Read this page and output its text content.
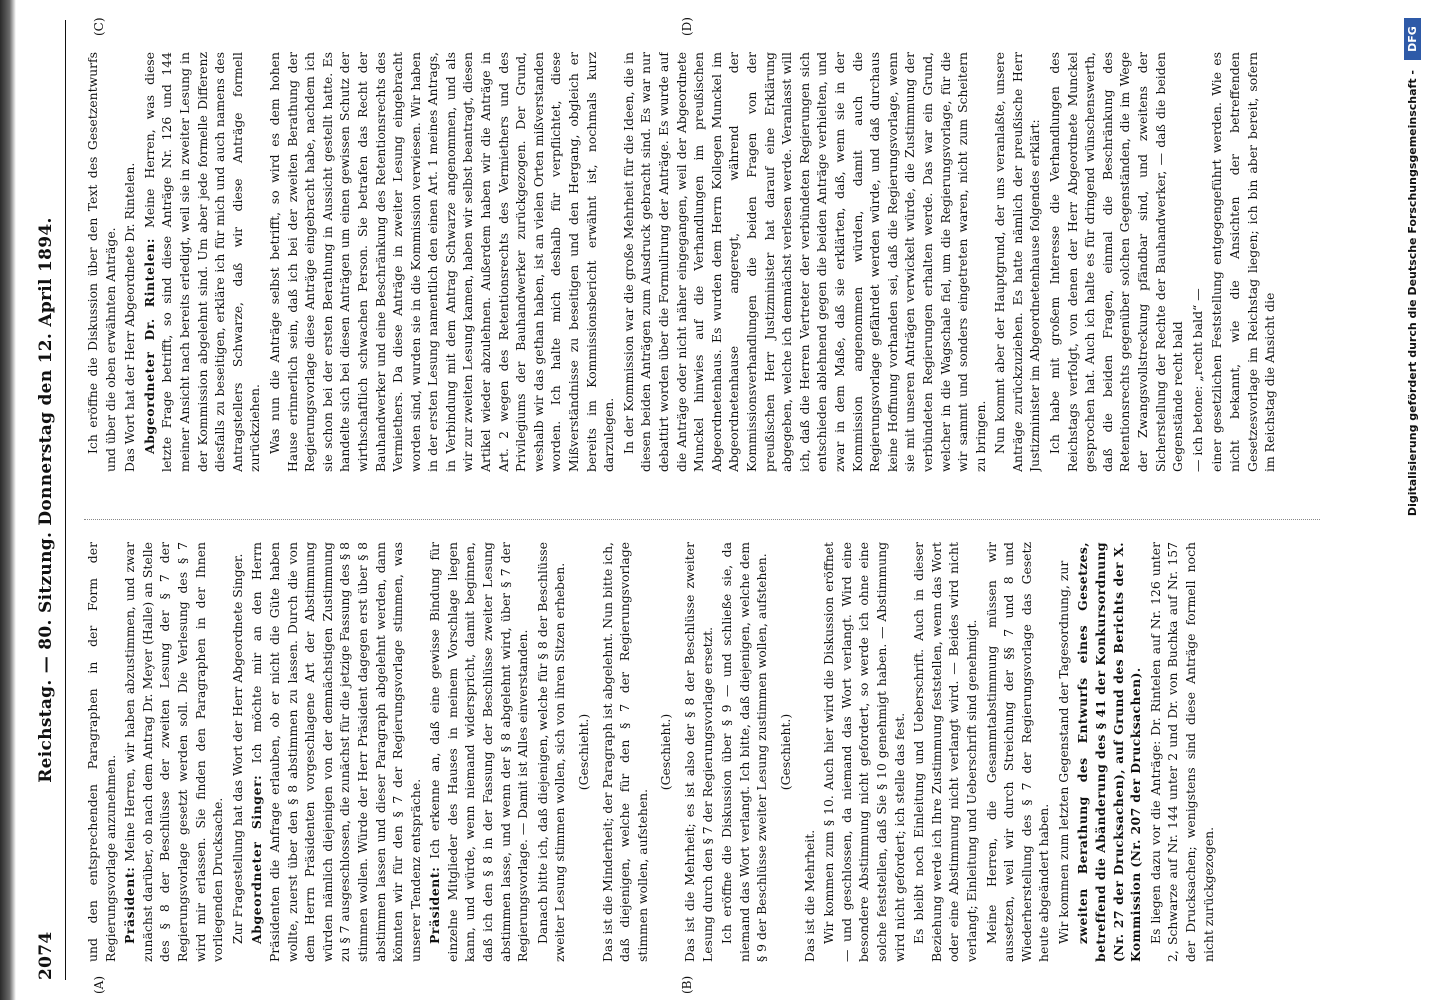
2074
Reichstag. — 80. Sitzung. Donnerstag den 12. April 1894.
(A)	(B)
(C)	(D)

und den entsprechenden Paragraphen in der Form der Regierungsvorlage anzunehmen. Präsident: Meine Herren, wir haben abzustimmen, und zwar zunächst darüber, ob nach dem Antrag Dr. Meyer (Halle) an Stelle des § 8 der Beschlüsse der zweiten Lesung der § 7 der Regierungsvorlage gesetzt werden soll. Die Verlesung des § 7 wird mir erlassen. Sie finden den Paragraphen in der Ihnen vorliegenden Drucksache. Zur Fragestellung hat das Wort der Herr Abgeordnete Singer. Abgeordneter Singer: Ich möchte mir an den Herrn Präsidenten die Anfrage erlauben, ob er nicht die Güte haben wollte, zuerst über den § 8 abstimmen zu lassen. Durch die von dem Herrn Präsidenten vorgeschlagene Art der Abstimmung würden nämlich diejenigen von der demnächstigen Zustimmung zu § 7 ausgeschlossen, die zunächst für die jetzige Fassung des § 8 stimmen wollen. Würde der Herr Präsident dagegen erst über § 8 abstimmen lassen und dieser Paragraph abgelehnt werden, dann könnten wir für den § 7 der Regierungsvorlage stimmen, was unserer Tendenz entspräche. Präsident: Ich erkenne an, daß eine gewisse Bindung für einzelne Mitglieder des Hauses in meinem Vorschlage liegen kann, und würde, wenn niemand widerspricht, damit beginnen, daß ich den § 8 in der Fassung der Beschlüsse zweiter Lesung abstimmen lasse, und wenn der § 8 abgelehnt wird, über § 7 der Regierungsvorlage. — Damit ist Alles einverstanden. Danach bitte ich, daß diejenigen, welche für § 8 der Beschlüsse zweiter Lesung stimmen wollen, sich von ihren Sitzen erheben. (Geschieht.) Das ist die Minderheit; der Paragraph ist abgelehnt. Nun bitte ich, daß diejenigen, welche für den § 7 der Regierungsvorlage stimmen wollen, aufstehen.

(Geschieht.) Das ist die Mehrheit; es ist also der § 8 der Beschlüsse zweiter Lesung durch den § 7 der Regierungsvorlage ersetzt. Ich eröffne die Diskussion über § 9 — und schließe sie, da niemand das Wort verlangt. Ich bitte, daß diejenigen, welche dem § 9 der Beschlüsse zweiter Lesung zustimmen wollen, aufstehen. (Geschieht.)

Das ist die Mehrheit. Wir kommen zum § 10. Auch hier wird die Diskussion eröffnet — und geschlossen, da niemand das Wort verlangt. Wird eine besondere Abstimmung nicht gefordert, so werde ich ohne eine solche feststellen, daß Sie § 10 genehmigt haben. — Abstimmung wird nicht gefordert; ich stelle das fest. Es bleibt noch Einleitung und Ueberschrift. Auch in dieser Beziehung werde ich Ihre Zustimmung feststellen, wenn das Wort oder eine Abstimmung nicht verlangt wird. — Beides wird nicht verlangt; Einleitung und Ueberschrift sind genehmigt. Meine Herren, die Gesammtabstimmung müssen wir aussetzen, weil wir durch Streichung der §§ 7 und 8 und Wiederherstellung des § 7 der Regierungsvorlage das Gesetz heute abgeändert haben. Wir kommen zum letzten Gegenstand der Tagesordnung, zur zweiten Berathung des Entwurfs eines Gesetzes, betreffend die Abänderung des § 41 der Konkursordnung (Nr. 27 der Drucksachen), auf Grund des Berichts der X. Kommission (Nr. 207 der Drucksachen). Es liegen dazu vor die Anträge: Dr. Rintelen auf Nr. 126 unter 2, Schwarze auf Nr. 144 unter 2 und Dr. von Buchka auf Nr. 157 der Drucksachen; wenigstens sind diese Anträge formell noch nicht zurückgezogen.

Ich eröffne die Diskussion über den Text des Gesetzentwurfs und über die oben erwähnten Anträge. Das Wort hat der Herr Abgeordnete Dr. Rintelen. Abgeordneter Dr. Rintelen: Meine Herren, was diese letzte Frage betrifft, so sind diese Anträge Nr. 126 und 144 meiner Ansicht nach bereits erledigt, weil sie in zweiter Lesung in der Kommission abgelehnt sind. Um aber jede formelle Differenz diesfalls zu beseitigen, erkläre ich für mich und auch namens des Antragstellers Schwarze, daß wir diese Anträge formell zurückziehen. Was nun die Anträge selbst betrifft, so wird es dem hohen Hause erinnerlich sein, daß ich bei der zweiten Berathung der Regierungsvorlage diese Anträge eingebracht habe, nachdem ich sie schon bei der ersten Berathung in Aussicht gestellt hatte. Es handelte sich bei diesen Anträgen um einen gewissen Schutz der wirthschaftlich schwachen Person. Sie betrafen das Recht der Bauhandwerker und eine Beschränkung des Retentionsrechts des Vermiethers. Da diese Anträge in zweiter Lesung eingebracht worden sind, wurden sie in die Kommission verwiesen. Wir haben in der ersten Lesung namentlich den einen Art. 1 meines Antrags, in Verbindung mit dem Antrag Schwarze angenommen, und als wir zur zweiten Lesung kamen, haben wir selbst beantragt, diesen Artikel wieder abzulehnen. Außerdem haben wir die Anträge in Art. 2 wegen des Retentionsrechts des Vermiethers und des Privilegiums der Bauhandwerker zurückgezogen. Der Grund, weshalb wir das gethan haben, ist an vielen Orten mißverstanden worden. Ich halte mich deshalb für verpflichtet, diese Mißverständnisse zu beseitigen und den Hergang, obgleich er bereits im Kommissionsbericht erwähnt ist, nochmals kurz darzulegen. In der Kommission war die große Mehrheit für die Ideen, die in diesen beiden Anträgen zum Ausdruck gebracht sind. Es war nur debattirt worden über die Formulirung der Anträge. Es wurde auf die Anträge oder nicht näher eingegangen, weil der Abgeordnete Munckel hinwies auf die Verhandlungen im preußischen Abgeordnetenhaus. Es wurden dem Herrn Kollegen Munckel im Abgeordnetenhause angeregt, während der Kommissionsverhandlungen die beiden Fragen von der preußischen Herr Justizminister hat darauf eine Erklärung abgegeben, welche ich demnächst verlesen werde. Veranlasst will ich, daß die Herren Vertreter der verbündeten Regierungen sich entschieden ablehnend gegen die beiden Anträge verhielten, und zwar in dem Maße, daß sie erklärten, daß, wenn sie in der Kommission angenommen würden, damit auch die Regierungsvorlage gefährdet werden würde, und daß durchaus keine Hoffnung vorhanden sei, daß die Regierungsvorlage, wenn sie mit unseren Anträgen verwickelt würde, die Zustimmung der verbündeten Regierungen erhalten werde. Das war ein Grund, welcher in die Wagschale fiel, um die Regierungsvorlage, für die wir sammt und sonders eingetreten waren, nicht zum Scheitern zu bringen. Nun kommt aber der Hauptgrund, der uns veranlaßte, unsere Anträge zurückzuziehen. Es hatte nämlich der preußische Herr Justizminister im Abgeordnetenhause folgendes erklärt: Ich habe mit großem Interesse die Verhandlungen des Reichstags verfolgt, von denen der Herr Abgeordnete Munckel gesprochen hat. Auch ich halte es für dringend wünschenswerth, daß die beiden Fragen, einmal die Beschränkung des Retentionsrechts gegenüber solchen Gegenständen, die im Wege der Zwangsvollstreckung pfändbar sind, und zweitens der Sicherstellung der Rechte der Bauhandwerker, — daß die beiden Gegenstände recht bald — ich betone: „recht bald“ — einer gesetzlichen Feststellung entgegengeführt werden. Wie es nicht bekannt, wie die Ansichten der betreffenden Gesetzesvorlage im Reichstag liegen; ich bin aber bereit, sofern im Reichstag die Ansicht die	Digitalisierung gefördert durch die Deutsche Forschungsgemeinschaft -
DFG
